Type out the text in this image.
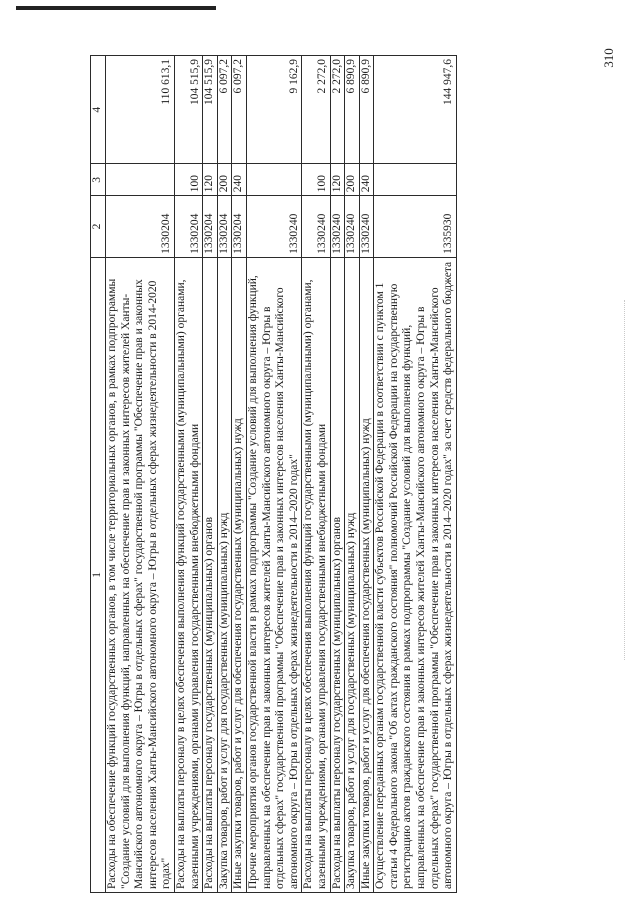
310
1	2	3	4
Расходы на обеспечение функций государственных органов, в том числе территориальных органов, в рамках подпрограммы "Создание условий для выполнения функций, направленных на обеспечение прав и законных интересов жителей Ханты-Мансийского автономного округа – Югры в отдельных сферах" государственной программы "Обеспечение прав и законных интересов населения Ханты-Мансийского автономного округа – Югры в отдельных сферах жизнедеятельности в 2014-2020 годах"	1330204		110 613,1
Расходы на выплаты персоналу в целях обеспечения выполнения функций государственными (муниципальными) органами, казенными учреждениями, органами управления государственными внебюджетными фондами	1330204	100	104 515,9
Расходы на выплаты персоналу государственных (муниципальных) органов	1330204	120	104 515,9
Закупка товаров, работ и услуг для государственных (муниципальных) нужд	1330204	200	6 097,2
Иные закупки товаров, работ и услуг для обеспечения государственных (муниципальных) нужд	1330204	240	6 097,2
Прочие мероприятия органов государственной власти в рамках подпрограммы "Создание условий для выполнения функций, направленных на обеспечение прав и законных интересов жителей Ханты-Мансийского автономного округа – Югры в отдельных сферах" государственной программы "Обеспечение прав и законных интересов населения Ханты-Мансийского автономного округа – Югры в отдельных сферах жизнедеятельности в 2014–2020 годах"	1330240		9 162,9
Расходы на выплаты персоналу в целях обеспечения выполнения функций государственными (муниципальными) органами, казенными учреждениями, органами управления государственными внебюджетными фондами	1330240	100	2 272,0
Расходы на выплаты персоналу государственных (муниципальных) органов	1330240	120	2 272,0
Закупка товаров, работ и услуг для государственных (муниципальных) нужд	1330240	200	6 890,9
Иные закупки товаров, работ и услуг для обеспечения государственных (муниципальных) нужд	1330240	240	6 890,9
Осуществление переданных органам государственной власти субъектов Российской Федерации в соответствии с пунктом 1 статьи 4 Федерального закона "Об актах гражданского состояния" полномочий Российской Федерации на государственную регистрацию актов гражданского состояния в рамках подпрограммы "Создание условий для выполнения функций, направленных на обеспечение прав и законных интересов жителей Ханты-Мансийского автономного округа – Югры в отдельных сферах" государственной программы "Обеспечение прав и законных интересов населения Ханты-Мансийского автономного округа – Югры в отдельных сферах жизнедеятельности в 2014–2020 годах" за счет средств федерального бюджета	1335930		144 947,6
